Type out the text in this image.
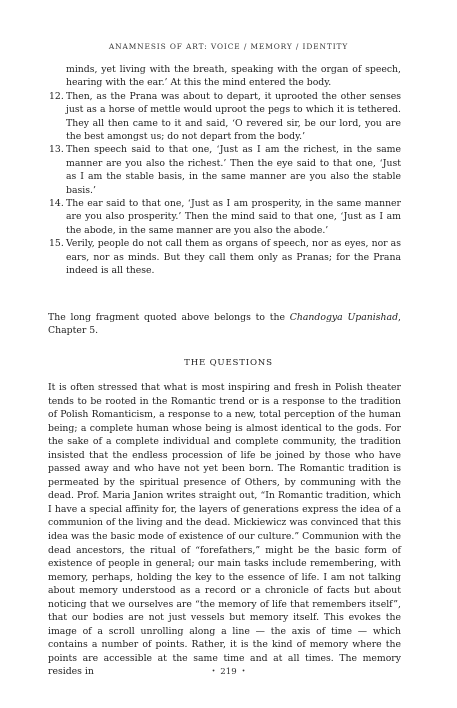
ANAMNESIS OF ART: VOICE / MEMORY / IDENTITY
minds, yet living with the breath, speaking with the organ of speech, hearing with the ear.’ At this the mind entered the body.
12. Then, as the Prana was about to depart, it uprooted the other senses just as a horse of mettle would uproot the pegs to which it is tethered. They all then came to it and said, ‘O revered sir, be our lord, you are the best amongst us; do not depart from the body.’
13. Then speech said to that one, ‘Just as I am the richest, in the same manner are you also the richest.’ Then the eye said to that one, ‘Just as I am the stable basis, in the same manner are you also the stable basis.’
14. The ear said to that one, ‘Just as I am prosperity, in the same manner are you also prosperity.’ Then the mind said to that one, ‘Just as I am the abode, in the same manner are you also the abode.’
15. Verily, people do not call them as organs of speech, nor as eyes, nor as ears, nor as minds. But they call them only as Pranas; for the Prana indeed is all these.

The long fragment quoted above belongs to the Chandogya Upanishad, Chapter 5.

THE QUESTIONS

It is often stressed that what is most inspiring and fresh in Polish theater tends to be rooted in the Romantic trend or is a response to the tradition of Polish Romanticism, a response to a new, total perception of the human being; a complete human whose being is almost identical to the gods. For the sake of a complete individual and complete community, the tradition insisted that the endless procession of life be joined by those who have passed away and who have not yet been born. The Romantic tradition is permeated by the spiritual presence of Others, by communing with the dead. Prof. Maria Janion writes straight out, “In Romantic tradition, which I have a special affinity for, the layers of generations express the idea of a communion of the living and the dead. Mickiewicz was convinced that this idea was the basic mode of existence of our culture.” Communion with the dead ancestors, the ritual of “forefathers,” might be the basic form of existence of people in general; our main tasks include remembering, with memory, perhaps, holding the key to the essence of life. I am not talking about memory understood as a record or a chronicle of facts but about noticing that we ourselves are “the memory of life that remembers itself”, that our bodies are not just vessels but memory itself. This evokes the image of a scroll unrolling along a line — the axis of time — which contains a number of points. Rather, it is the kind of memory where the points are accessible at the same time and at all times. The memory resides in	• 219 •
